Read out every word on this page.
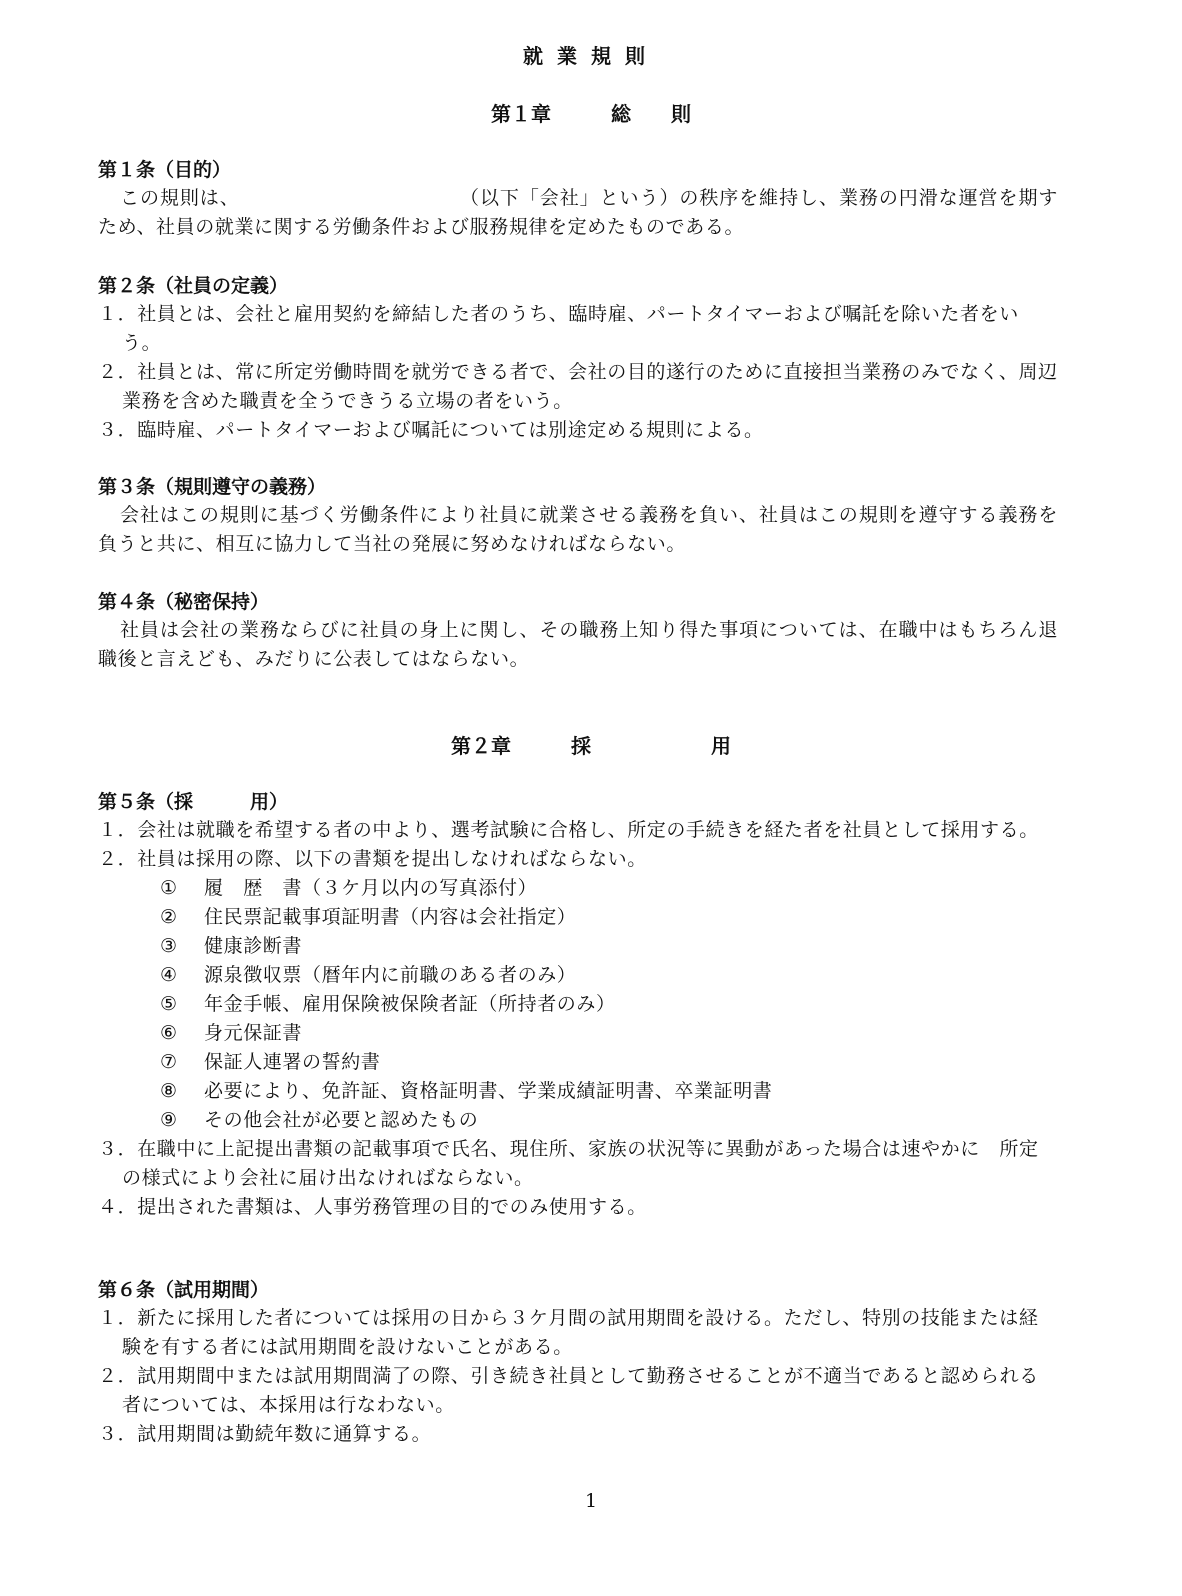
就業規則
第１章　　　総　　則
第１条（目的）
この規則は、　　　　　　　　　　　　（以下「会社」という）の秩序を維持し、業務の円滑な運営を期すため、社員の就業に関する労働条件および服務規律を定めたものである。
第２条（社員の定義）
１．社員とは、会社と雇用契約を締結した者のうち、臨時雇、パートタイマーおよび嘱託を除いた者をいう。
２．社員とは、常に所定労働時間を就労できる者で、会社の目的遂行のために直接担当業務のみでなく、周辺業務を含めた職責を全うできうる立場の者をいう。
３．臨時雇、パートタイマーおよび嘱託については別途定める規則による。
第３条（規則遵守の義務）
会社はこの規則に基づく労働条件により社員に就業させる義務を負い、社員はこの規則を遵守する義務を負うと共に、相互に協力して当社の発展に努めなければならない。
第４条（秘密保持）
社員は会社の業務ならびに社員の身上に関し、その職務上知り得た事項については、在職中はもちろん退職後と言えども、みだりに公表してはならない。
第２章　　　採　　　　　　用
第５条（採　　　用）
１．会社は就職を希望する者の中より、選考試験に合格し、所定の手続きを経た者を社員として採用する。
２．社員は採用の際、以下の書類を提出しなければならない。
① 履　歴　書（３ケ月以内の写真添付）
② 住民票記載事項証明書（内容は会社指定）
③ 健康診断書
④ 源泉徴収票（暦年内に前職のある者のみ）
⑤ 年金手帳、雇用保険被保険者証（所持者のみ）
⑥ 身元保証書
⑦ 保証人連署の誓約書
⑧ 必要により、免許証、資格証明書、学業成績証明書、卒業証明書
⑨ その他会社が必要と認めたもの
３．在職中に上記提出書類の記載事項で氏名、現住所、家族の状況等に異動があった場合は速やかに　所定の様式により会社に届け出なければならない。
４．提出された書類は、人事労務管理の目的でのみ使用する。
第６条（試用期間）
１．新たに採用した者については採用の日から３ケ月間の試用期間を設ける。ただし、特別の技能または経験を有する者には試用期間を設けないことがある。
２．試用期間中または試用期間満了の際、引き続き社員として勤務させることが不適当であると認められる者については、本採用は行なわない。
３．試用期間は勤続年数に通算する。
1
